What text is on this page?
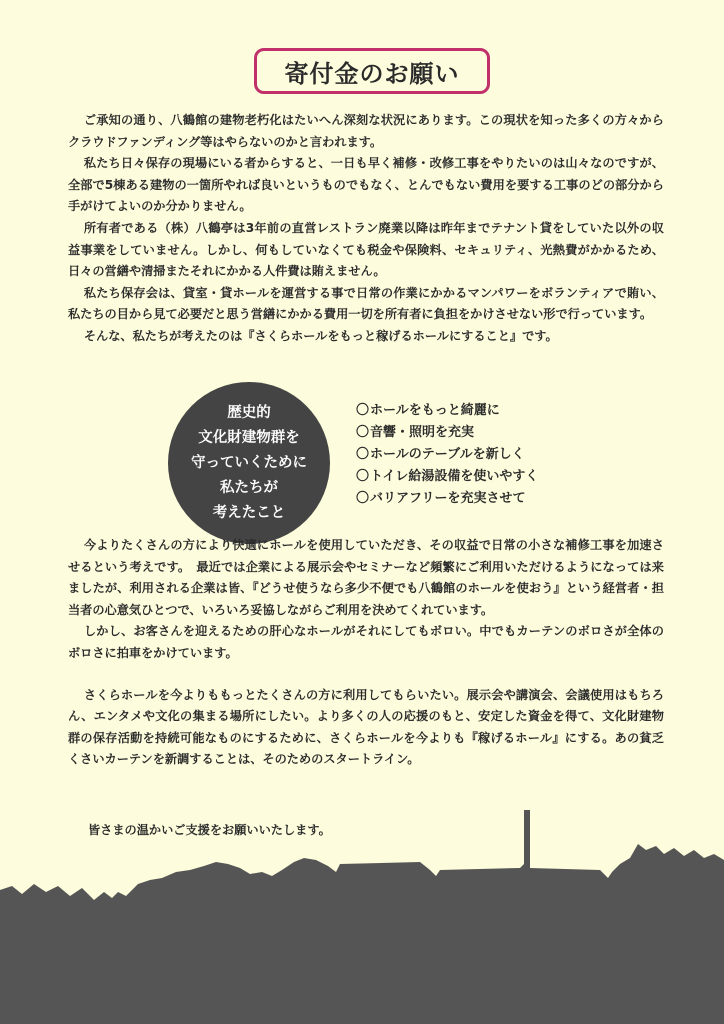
寄付金のお願い

ご承知の通り、八鶴館の建物老朽化はたいへん深刻な状況にあります。この現状を知った多くの方々からクラウドファンディング等はやらないのかと言われます。

私たち日々保存の現場にいる者からすると、一日も早く補修・改修工事をやりたいのは山々なのですが、全部で5棟ある建物の一箇所やれば良いというものでもなく、とんでもない費用を要する工事のどの部分から手がけてよいのか分かりません。

所有者である（株）八鶴亭は3年前の直営レストラン廃業以降は昨年までテナント貸をしていた以外の収益事業をしていません。しかし、何もしていなくても税金や保険料、セキュリティ、光熱費がかかるため、日々の営繕や清掃またそれにかかる人件費は賄えません。

私たち保存会は、貸室・貸ホールを運営する事で日常の作業にかかるマンパワーをボランティアで賄い、私たちの目から見て必要だと思う営繕にかかる費用一切を所有者に負担をかけさせない形で行っています。

そんな、私たちが考えたのは『さくらホールをもっと稼げるホールにすること』です。

歴史的
文化財建物群を
守っていくために
私たちが
考えたこと
〇ホールをもっと綺麗に
〇音響・照明を充実
〇ホールのテーブルを新しく
〇トイレ給湯設備を使いやすく
〇バリアフリーを充実させて

今よりたくさんの方により快適にホールを使用していただき、その収益で日常の小さな補修工事を加速させるという考えです。　最近では企業による展示会やセミナーなど頻繁にご利用いただけるようになっては来ましたが、利用される企業は皆、『どうせ使うなら多少不便でも八鶴館のホールを使おう』という経営者・担当者の心意気ひとつで、いろいろ妥協しながらご利用を決めてくれています。

しかし、お客さんを迎えるための肝心なホールがそれにしてもボロい。中でもカーテンのボロさが全体のボロさに拍車をかけています。

さくらホールを今よりももっとたくさんの方に利用してもらいたい。展示会や講演会、会議使用はもちろん、エンタメや文化の集まる場所にしたい。より多くの人の応援のもと、安定した資金を得て、文化財建物群の保存活動を持続可能なものにするために、さくらホールを今よりも『稼げるホール』にする。あの貧乏くさいカーテンを新調することは、そのためのスタートライン。

皆さまの温かいご支援をお願いいたします。
